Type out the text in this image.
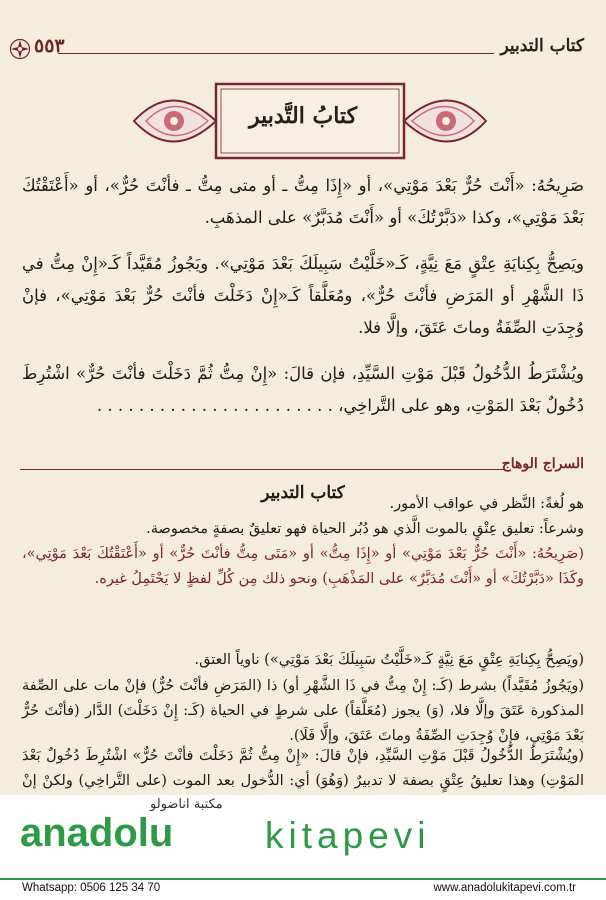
كتاب التدبير
٥٥٣
كتابُ التَّدبير
صَرِيحُهُ: «أَنْتَ حُرٌّ بَعْدَ مَوْتِي»، أو «إِذَا مِتُّ ـ أو متى مِتُّ ـ فأنْتَ حُرٌّ»، أو «أَعْتَقْتُكَ بَعْدَ مَوْتِي»، وكذا «دَبَّرْتُكَ» أو «أَنْتَ مُدَبَّرٌ» على المذهَبِ.
ويَصِحُّ بِكِنايَةِ عِتْقٍ مَعَ نِيَّةٍ، كَـ«خَلَّيْتُ سَبِيلَكَ بَعْدَ مَوْتِي». ويَجُوزُ مُقَيَّداً كَـ«إِنْ مِتُّ في ذَا الشَّهْرِ أو المَرَضِ فأنْتَ حُرٌّ»، ومُعَلَّقاً كَـ«إِنْ دَخَلْتَ فأنْتَ حُرٌّ بَعْدَ مَوْتِي»، فإنْ وُجِدَتِ الصِّفَةُ وماتَ عَتَقَ، وإلَّا فلا.
ويُشْتَرَطُ الدُّخُولُ قَبْلَ مَوْتِ السَّيِّدِ، فإن قالَ: «إِنْ مِتُّ ثُمَّ دَخَلْتَ فأنْتَ حُرٌّ» اشْتُرِطَ دُخُولٌ بَعْدَ المَوْتِ، وهو على التَّراخِي، . . . . . . . . . . . . . . . . . . . . . . .
السراج الوهاج
كتاب التدبير
هو لُغةً: النَّظر في عواقب الأمور.
وشرعاً: تعليق عِتْقٍ بالموت الَّذي هو دُبُر الحياة فهو تعليقٌ بصفةٍ مخصوصة.
(صَرِيحُهُ: «أَنْتَ حُرٌّ بَعْدَ مَوْتِي» أو «إِذَا مِتُّ» أو «مَتَى مِتُّ فأنْتَ حُرٌّ» أو «أَعْتَقْتُكَ بَعْدَ مَوْتِي»، وكَذَا «دَبَّرْتُكَ» أو «أَنْتَ مُدَبَّرٌ» على المَذْهَبِ) ونحو ذلك مِن كُلِّ لفظٍ لا يَحْتَمِلُ غيره.
(ويَصِحُّ بِكِنايَةِ عِتْقٍ مَعَ نِيَّةٍ كَـ«خَلَّيْتُ سَبِيلَكَ بَعْدَ مَوْتِي») ناوياً العتق.
(ويَجُوزُ مُقَيَّداً) بشرط (كَـ: إِنْ مِتُّ في ذَا الشَّهْرِ أو) ذا (المَرَضِ فأنْتَ حُرٌّ) فإنْ مات على الصِّفة المذكورة عَتَقَ وإلَّا فلا، (وَ) يجوز (مُعَلَّقاً) على شرطٍ في الحياة (كَـ: إِنْ دَخَلْتَ) الدَّار (فأنْتَ حُرٌّ بَعْدَ مَوْتِي، فإِنْ وُجِدَتِ الصِّفَةُ وماتَ عَتَقَ، وإلَّا فَلَا).
(ويُشْتَرَطُ الدُّخُولُ قَبْلَ مَوْتِ السَّيِّدِ، فإنْ قالَ: «إِنْ مِتُّ ثُمَّ دَخَلْتَ فأنْتَ حُرٌّ» اشْتُرِطَ دُخُولٌ بَعْدَ المَوْتِ) وهذا تعليقُ عِتْقٍ بصفة لا تدبيرٌ (وَهُوَ) أي: الدُّخول بعد الموت (على التَّراخِي) ولكنْ إنْ
مكتبة اناضولو
anadolu kitapevi
Whatsapp: 0506 125 34 70	www.anadolukitapevi.com.tr
